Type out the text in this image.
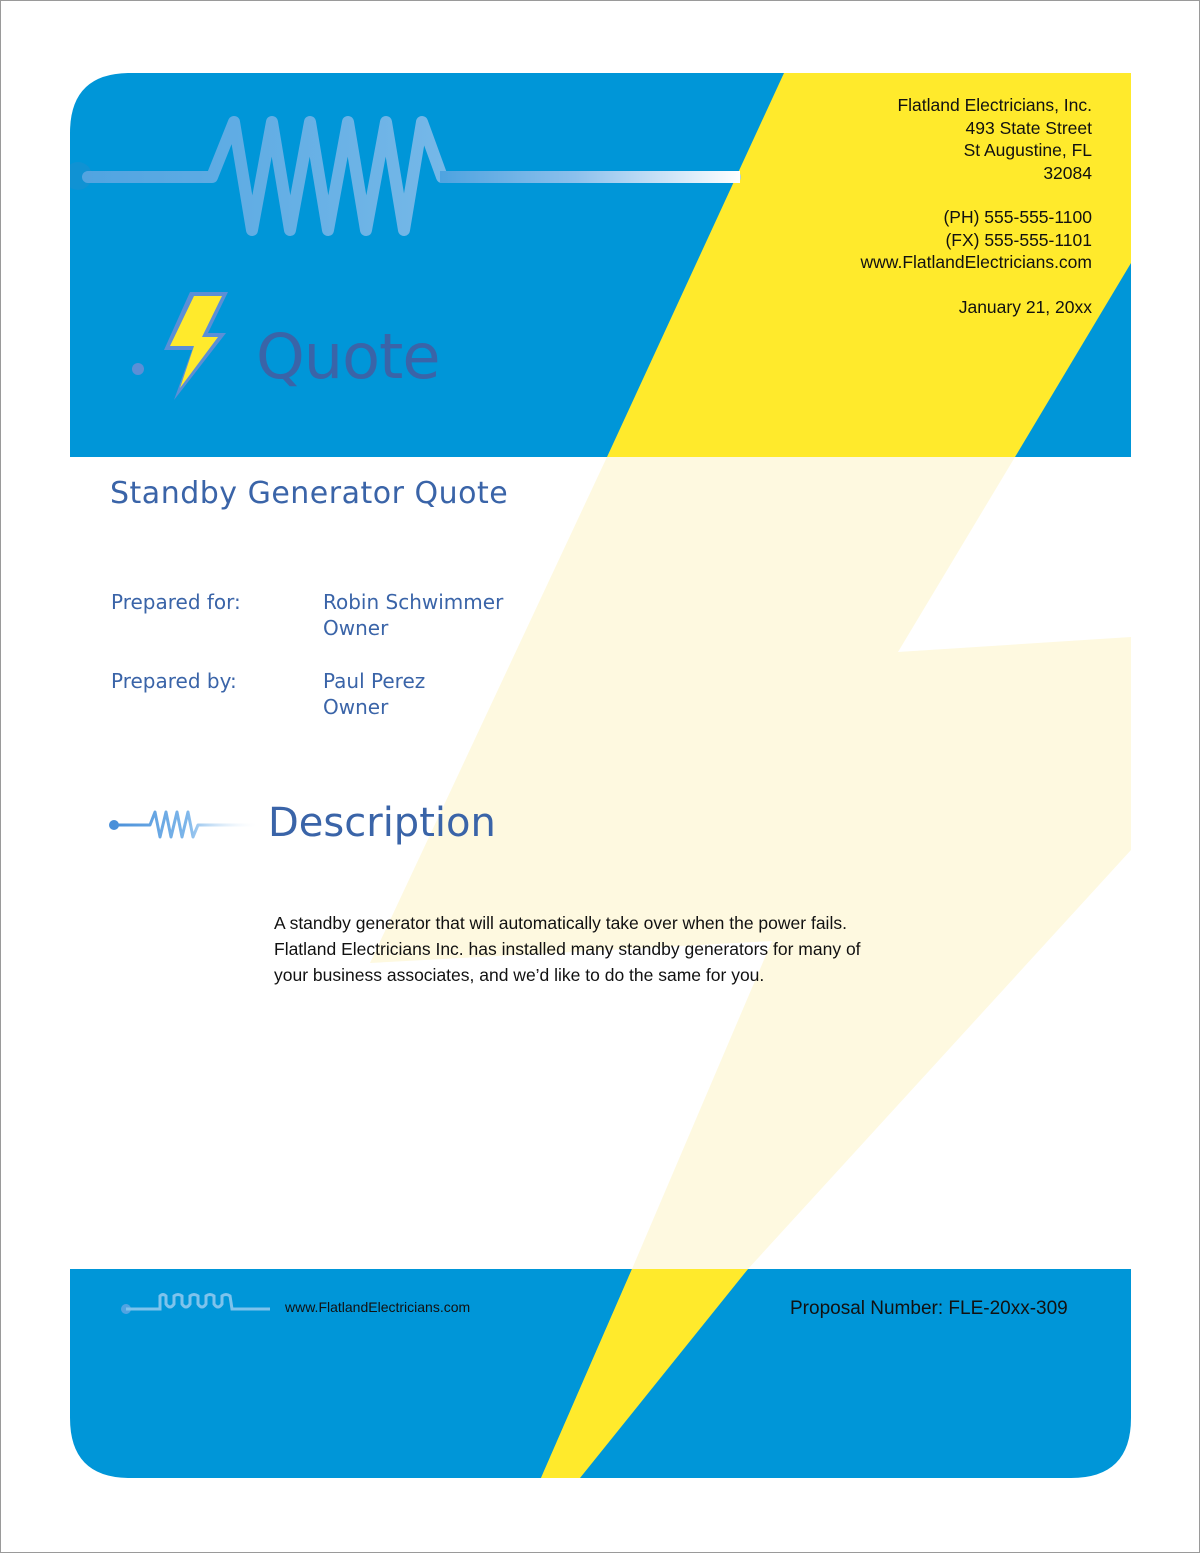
Flatland Electricians, Inc.
493 State Street
St Augustine, FL
32084
(PH) 555-555-1100
(FX) 555-555-1101
www.FlatlandElectricians.com
January 21, 20xx
Quote
Standby Generator Quote
Prepared for:	Robin Schwimmer
Owner
Prepared by:	Paul Perez
Owner
Description
A standby generator that will automatically take over when the power fails.
Flatland Electricians Inc. has installed many standby generators for many of
your business associates, and we’d like to do the same for you.
www.FlatlandElectricians.com	Proposal Number: FLE-20xx-309
